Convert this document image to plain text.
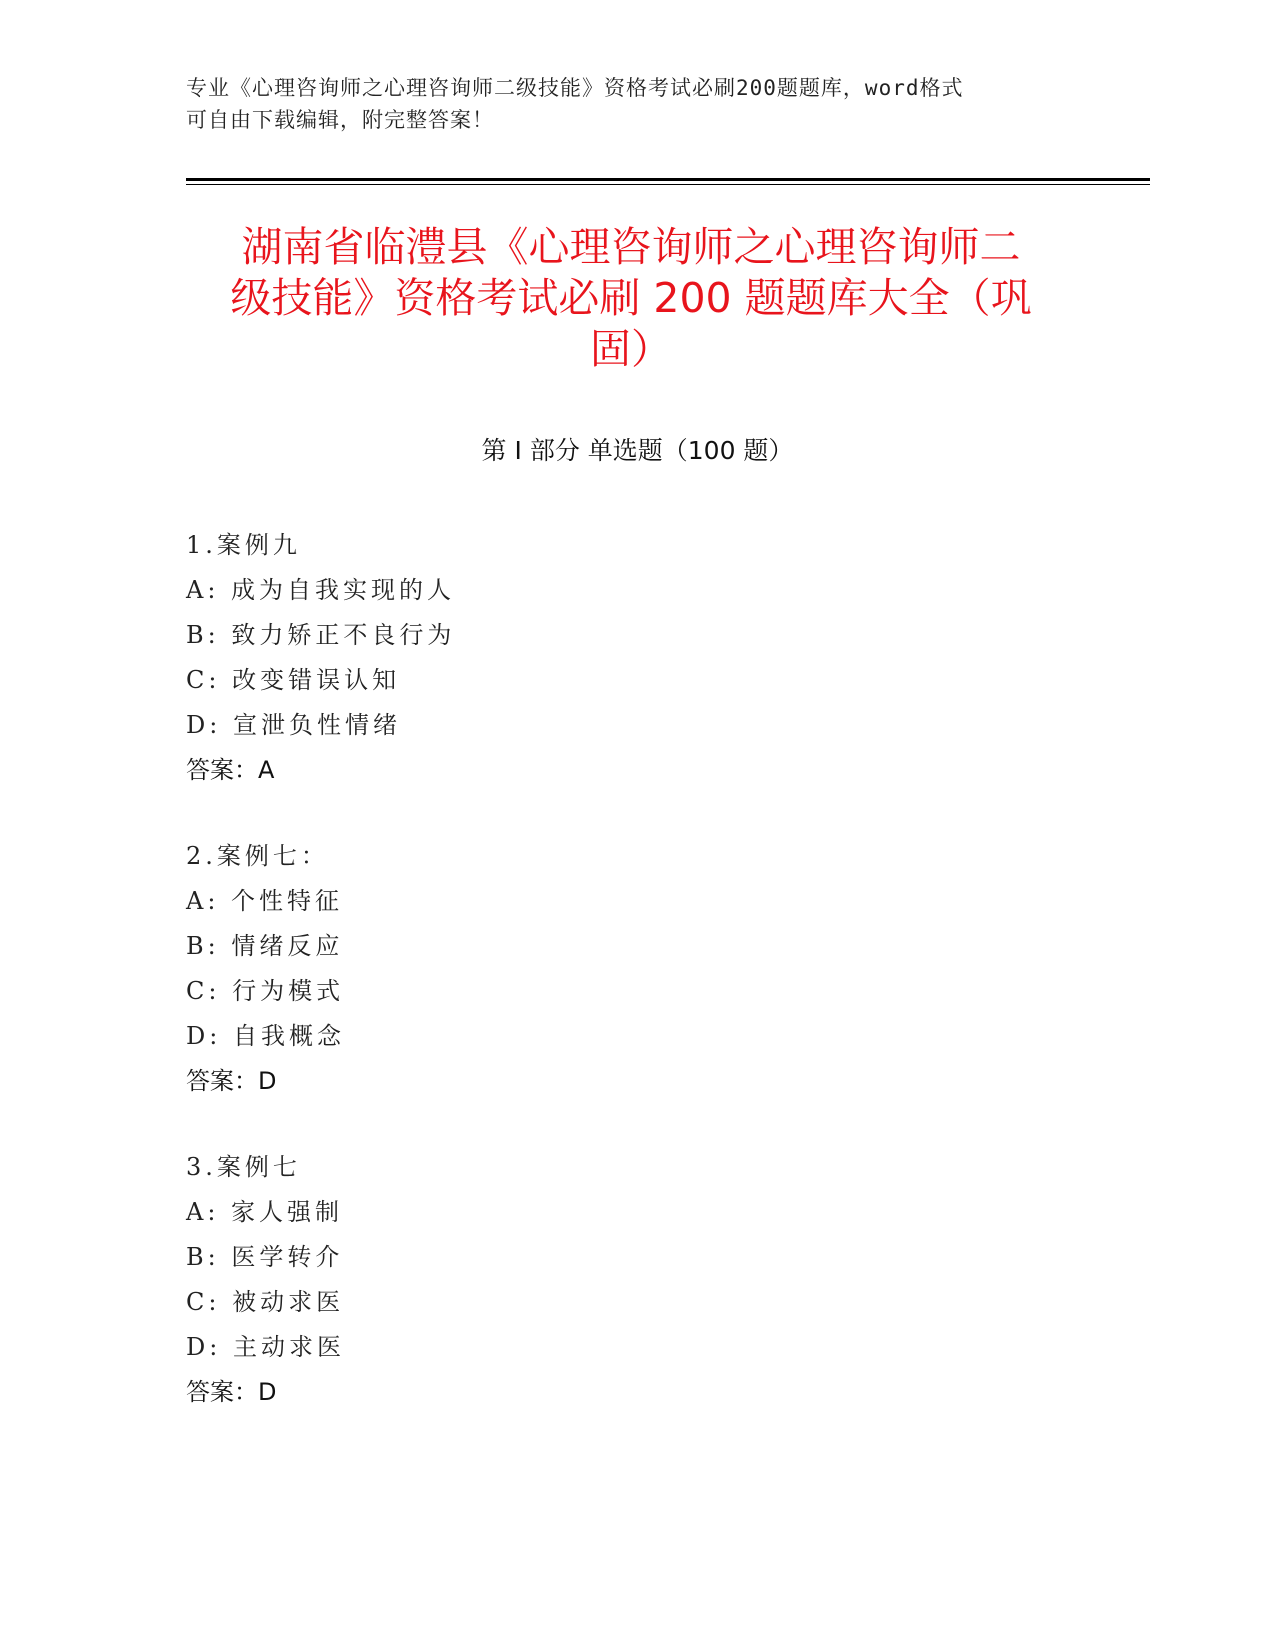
专业《心理咨询师之心理咨询师二级技能》资格考试必刷200题题库，word格式
可自由下载编辑，附完整答案！
湖南省临澧县《心理咨询师之心理咨询师二
级技能》资格考试必刷 200 题题库大全（巩
固）
第 I 部分 单选题（100 题）
1.案例九
A: 成为自我实现的人
B: 致力矫正不良行为
C: 改变错误认知
D: 宣泄负性情绪
答案：A
2.案例七：
A: 个性特征
B: 情绪反应
C: 行为模式
D: 自我概念
答案：D
3.案例七
A: 家人强制
B: 医学转介
C: 被动求医
D: 主动求医
答案：D
